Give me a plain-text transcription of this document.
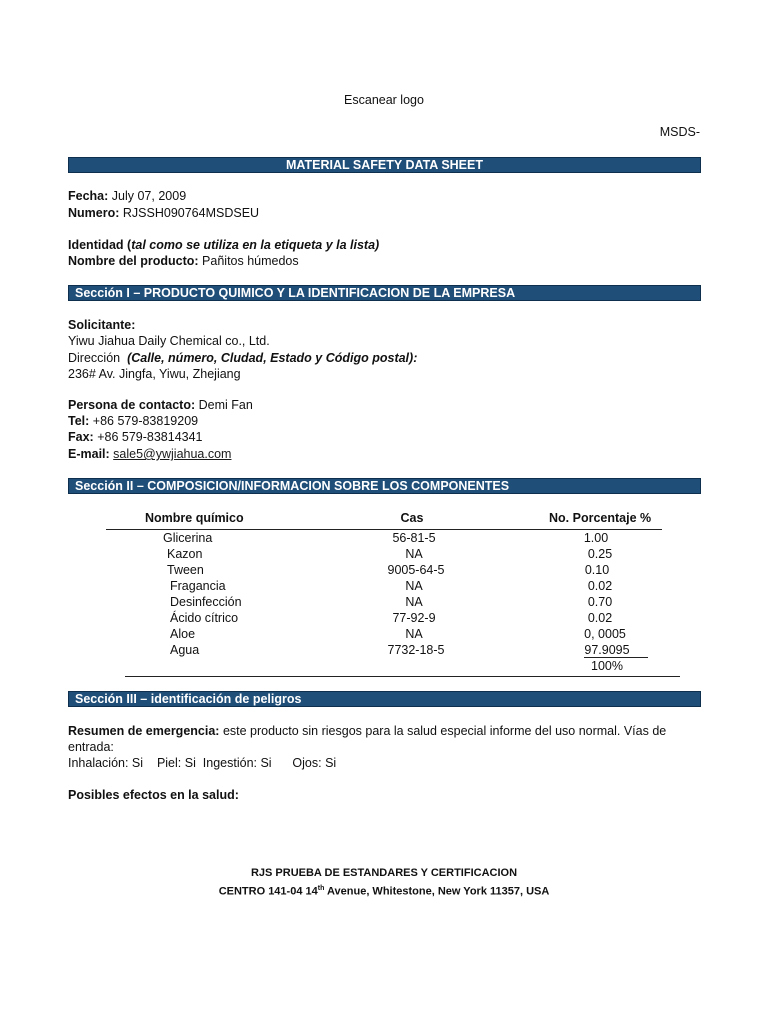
Escanear logo
MSDS-
MATERIAL SAFETY DATA SHEET
Fecha: July 07, 2009
Numero: RJSSH090764MSDSEU
Identidad (tal como se utiliza en la etiqueta y la lista)
Nombre del producto: Pañitos húmedos
Sección I – PRODUCTO QUIMICO Y LA IDENTIFICACION DE LA EMPRESA
Solicitante:
Yiwu Jiahua Daily Chemical co., Ltd.
Dirección (Calle, número, Cludad, Estado y Código postal):
236# Av. Jingfa, Yiwu, Zhejiang
Persona de contacto: Demi Fan
Tel: +86 579-83819209
Fax: +86 579-83814341
E-mail: sale5@ywjiahua.com
Sección II – COMPOSICION/INFORMACION SOBRE LOS COMPONENTES
Nombre químico	Cas	No. Porcentaje %
Glicerina	56-81-5	1.00
Kazon	NA	0.25
Tween	9005-64-5	0.10
Fragancia	NA	0.02
Desinfección	NA	0.70
Ácido cítrico	77-92-9	0.02
Aloe	NA	0, 0005
Agua	7732-18-5	97.9095
100%
Sección III – identificación de peligros
Resumen de emergencia: este producto sin riesgos para la salud especial informe del uso normal. Vías de
entrada:
Inhalación: Si    Piel: Si  Ingestión: Si      Ojos: Si
Posibles efectos en la salud:
RJS PRUEBA DE ESTANDARES Y CERTIFICACION
CENTRO 141-04 14th Avenue, Whitestone, New York 11357, USA
